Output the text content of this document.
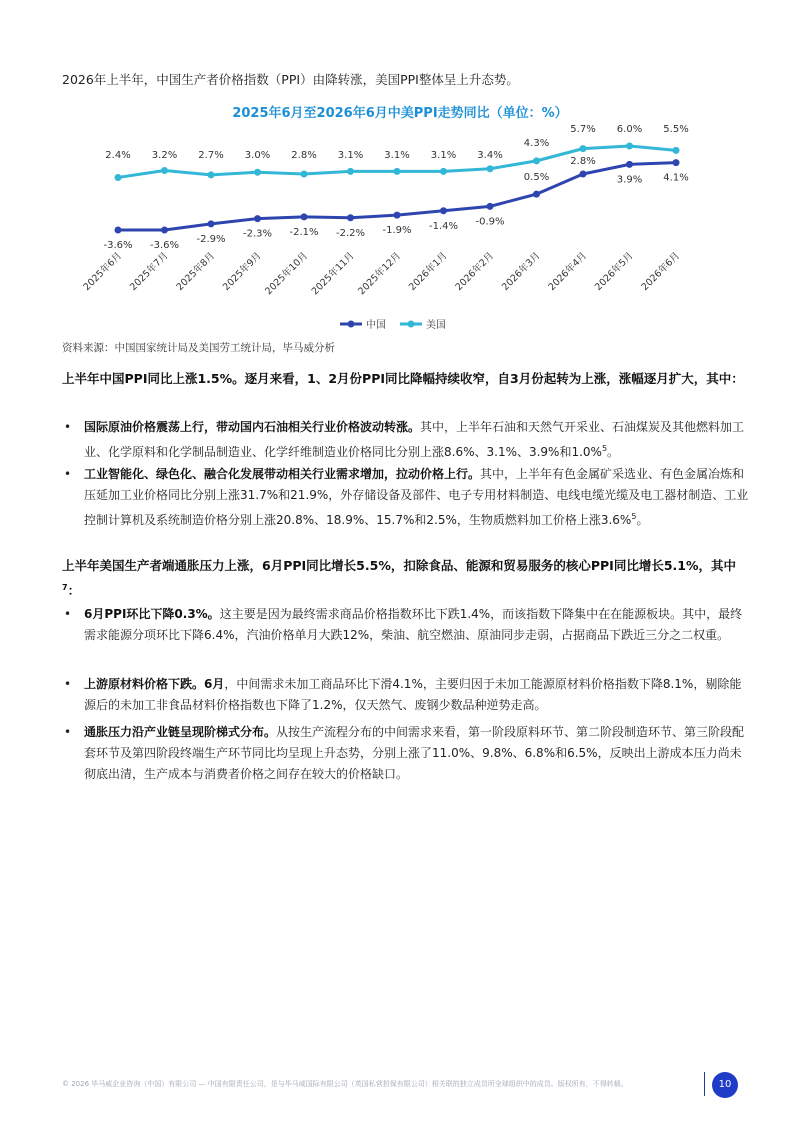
2026年上半年，中国生产者价格指数（PPI）由降转涨，美国PPI整体呈上升态势。
2025年6月至2026年6月中美PPI走势同比（单位：%）
-3.6% -3.6%
-2.9% -2.3% -2.1% -2.2% -1.9% -1.4% -0.9%
0.5%
2.8%
3.9% 4.1%
2.4% 3.2% 2.7% 3.0% 2.8% 3.1% 3.1% 3.1% 3.4%
4.3%
5.7% 6.0% 5.5%
2025年6月 2025年7月 2025年8月 2025年9月 2025年10月 2025年11月 2025年12月 2026年1月 2026年2月 2026年3月 2026年4月 2026年5月 2026年6月
中国	美国
资料来源：中国国家统计局及美国劳工统计局，毕马威分析
上半年中国PPI同比上涨1.5%。逐月来看，1、2月份PPI同比降幅持续收窄，自3月份起转为上涨，涨幅逐月扩大，其中：
• 国际原油价格震荡上行，带动国内石油相关行业价格波动转涨。其中，上半年石油和天然气开采业、石油煤炭及其他燃料加工业、化学原料和化学制品制造业、化学纤维制造业价格同比分别上涨8.6%、3.1%、3.9%和1.0%$^5$。
• 工业智能化、绿色化、融合化发展带动相关行业需求增加，拉动价格上行。其中，上半年有色金属矿采选业、有色金属冶炼和压延加工业价格同比分别上涨31.7%和21.9%，外存储设备及部件、电子专用材料制造、电线电缆光缆及电工器材制造、工业控制计算机及系统制造价格分别上涨20.8%、18.9%、15.7%和2.5%，生物质燃料加工价格上涨3.6%$^5$。
上半年美国生产者端通胀压力上涨，6月PPI同比增长5.5%，扣除食品、能源和贸易服务的核心PPI同比增长5.1%，其中$^7$：
• 6月PPI环比下降0.3%。这主要是因为最终需求商品价格指数环比下跌1.4%，而该指数下降集中在在能源板块。其中，最终需求能源分项环比下降6.4%，汽油价格单月大跌12%，柴油、航空燃油、原油同步走弱，占据商品下跌近三分之二权重。
• 上游原材料价格下跌。6月，中间需求未加工商品环比下滑4.1%，主要归因于未加工能源原材料价格指数下降8.1%，剔除能源后的未加工非食品材料价格指数也下降了1.2%，仅天然气、废钢少数品种逆势走高。
• 通胀压力沿产业链呈现阶梯式分布。从按生产流程分布的中间需求来看，第一阶段原料环节、第二阶段制造环节、第三阶段配套环节及第四阶段终端生产环节同比均呈现上升态势，分别上涨了11.0%、9.8%、6.8%和6.5%，反映出上游成本压力尚未彻底出清，生产成本与消费者价格之间存在较大的价格缺口。
© 2026 毕马威企业咨询（中国）有限公司 — 中国有限责任公司，是与毕马威国际有限公司（英国私营担保有限公司）相关联的独立成员所全球组织中的成员。版权所有，不得转载。	10
